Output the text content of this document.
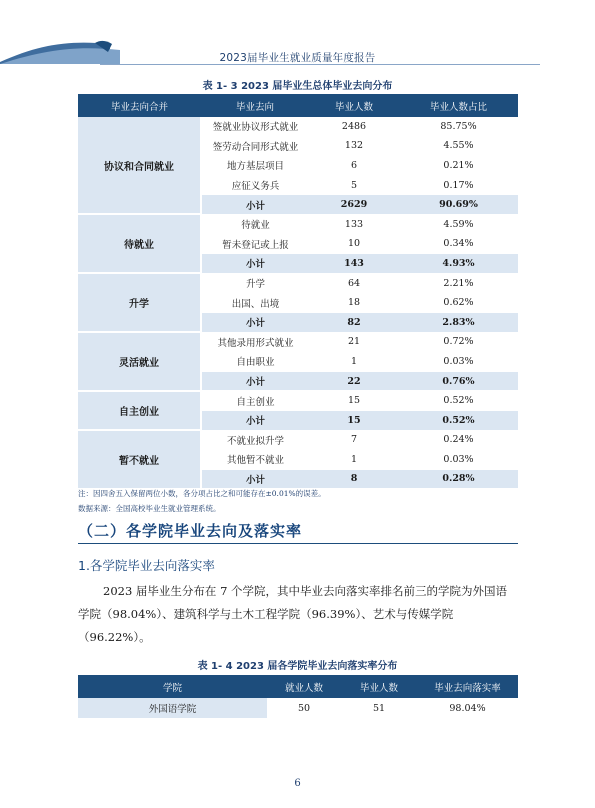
2023届毕业生就业质量年度报告
表 1- 3 2023 届毕业生总体毕业去向分布
毕业去向合并	毕业去向	毕业人数	毕业人数占比
协议和合同就业	签就业协议形式就业	2486	85.75%
	签劳动合同形式就业	132	4.55%
	地方基层项目	6	0.21%
	应征义务兵	5	0.17%
	小计	2629	90.69%
待就业	待就业	133	4.59%
	暂未登记或上报	10	0.34%
	小计	143	4.93%
升学	升学	64	2.21%
	出国、出境	18	0.62%
	小计	82	2.83%
灵活就业	其他录用形式就业	21	0.72%
	自由职业	1	0.03%
	小计	22	0.76%
自主创业	自主创业	15	0.52%
	小计	15	0.52%
暂不就业	不就业拟升学	7	0.24%
	其他暂不就业	1	0.03%
	小计	8	0.28%
注：因四舍五入保留两位小数，各分项占比之和可能存在±0.01%的误差。
数据来源：全国高校毕业生就业管理系统。
（二）各学院毕业去向及落实率
1.各学院毕业去向落实率
2023 届毕业生分布在 7 个学院，其中毕业去向落实率排名前三的学院为外国语学院（98.04%）、建筑科学与土木工程学院（96.39%）、艺术与传媒学院（96.22%）。
表 1- 4 2023 届各学院毕业去向落实率分布
学院	就业人数	毕业人数	毕业去向落实率
外国语学院	50	51	98.04%
6
